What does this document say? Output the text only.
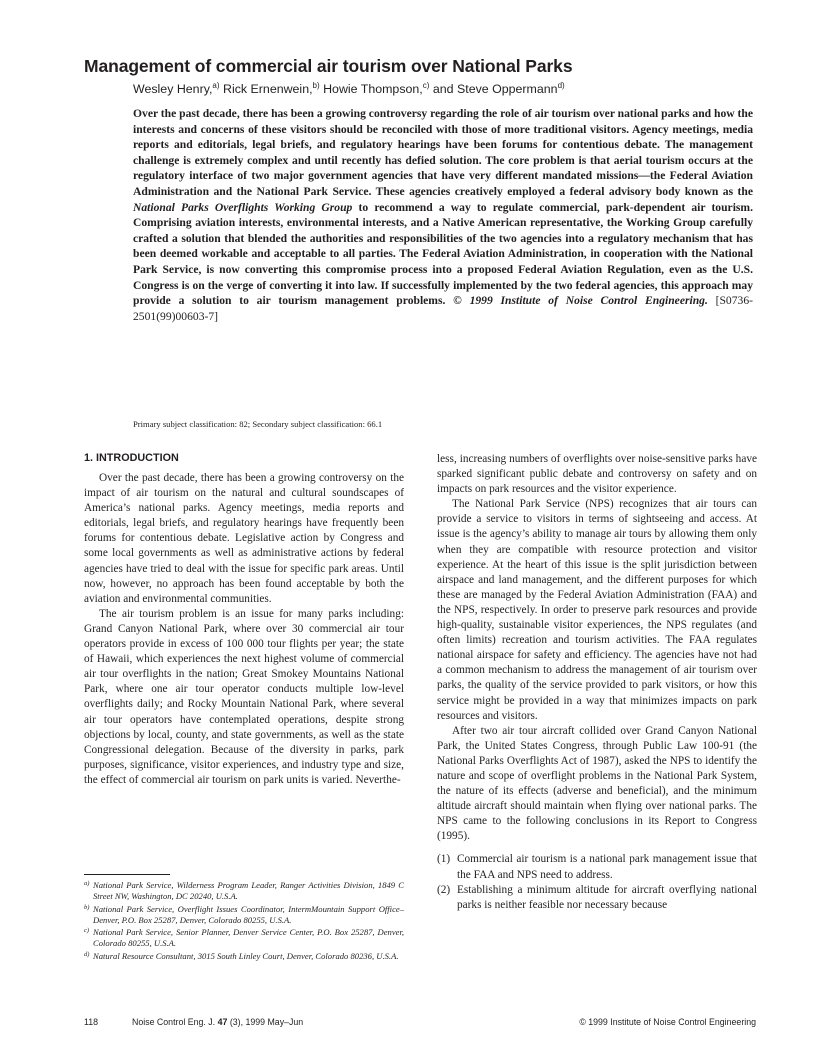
Management of commercial air tourism over National Parks
Wesley Henry,$^{a)}$ Rick Ernenwein,$^{b)}$ Howie Thompson,$^{c)}$ and Steve Oppermann$^{d)}$

Over the past decade, there has been a growing controversy regarding the role of air tourism over national parks and how the interests and concerns of these visitors should be reconciled with those of more traditional visitors. Agency meetings, media reports and editorials, legal briefs, and regulatory hearings have been forums for contentious debate. The management challenge is extremely complex and until recently has defied solution. The core problem is that aerial tourism occurs at the regulatory interface of two major government agencies that have very different mandated missions—the Federal Aviation Administration and the National Park Service. These agencies creatively employed a federal advisory body known as the National Parks Overflights Working Group to recommend a way to regulate commercial, park-dependent air tourism. Comprising aviation interests, environmental interests, and a Native American representative, the Working Group carefully crafted a solution that blended the authorities and responsibilities of the two agencies into a regulatory mechanism that has been deemed workable and acceptable to all parties. The Federal Aviation Administration, in cooperation with the National Park Service, is now converting this compromise process into a proposed Federal Aviation Regulation, even as the U.S. Congress is on the verge of converting it into law. If successfully implemented by the two federal agencies, this approach may provide a solution to air tourism management problems. © 1999 Institute of Noise Control Engineering. [S0736-2501(99)00603-7]

Primary subject classification: 82; Secondary subject classification: 66.1
1. INTRODUCTION

Over the past decade, there has been a growing controversy on the impact of air tourism on the natural and cultural soundscapes of America’s national parks. Agency meetings, media reports and editorials, legal briefs, and regulatory hearings have frequently been forums for contentious debate. Legislative action by Congress and some local governments as well as administrative actions by federal agencies have tried to deal with the issue for specific park areas. Until now, however, no approach has been found acceptable by both the aviation and environmental communities.

The air tourism problem is an issue for many parks including: Grand Canyon National Park, where over 30 commercial air tour operators provide in excess of 100 000 tour flights per year; the state of Hawaii, which experiences the next highest volume of commercial air tour overflights in the nation; Great Smokey Mountains National Park, where one air tour operator conducts multiple low-level overflights daily; and Rocky Mountain National Park, where several air tour operators have contemplated operations, despite strong objections by local, county, and state governments, as well as the state Congressional delegation. Because of the diversity in parks, park purposes, significance, visitor experiences, and industry type and size, the effect of commercial air tourism on park units is varied. Neverthe-

less, increasing numbers of overflights over noise-sensitive parks have sparked significant public debate and controversy on safety and on impacts on park resources and the visitor experience.

The National Park Service (NPS) recognizes that air tours can provide a service to visitors in terms of sightseeing and access. At issue is the agency’s ability to manage air tours by allowing them only when they are compatible with resource protection and visitor experience. At the heart of this issue is the split jurisdiction between airspace and land management, and the different purposes for which these are managed by the Federal Aviation Administration (FAA) and the NPS, respectively. In order to preserve park resources and provide high-quality, sustainable visitor experiences, the NPS regulates (and often limits) recreation and tourism activities. The FAA regulates national airspace for safety and efficiency. The agencies have not had a common mechanism to address the management of air tourism over parks, the quality of the service provided to park visitors, or how this service might be provided in a way that minimizes impacts on park resources and visitors.

After two air tour aircraft collided over Grand Canyon National Park, the United States Congress, through Public Law 100-91 (the National Parks Overflights Act of 1987), asked the NPS to identify the nature and scope of overflight problems in the National Park System, the nature of its effects (adverse and beneficial), and the minimum altitude aircraft should maintain when flying over national parks. The NPS came to the following conclusions in its Report to Congress (1995).

(1) Commercial air tourism is a national park management issue that the FAA and NPS need to address.
(2) Establishing a minimum altitude for aircraft overflying national parks is neither feasible nor necessary because
a) National Park Service, Wilderness Program Leader, Ranger Activities Division, 1849 C Street NW, Washington, DC 20240, U.S.A.
b) National Park Service, Overflight Issues Coordinator, IntermMountain Support Office–Denver, P.O. Box 25287, Denver, Colorado 80255, U.S.A.
c) National Park Service, Senior Planner, Denver Service Center, P.O. Box 25287, Denver, Colorado 80255, U.S.A.
d) Natural Resource Consultant, 3015 South Linley Court, Denver, Colorado 80236, U.S.A.
118	Noise Control Eng. J. 47 (3), 1999 May–Jun	© 1999 Institute of Noise Control Engineering
